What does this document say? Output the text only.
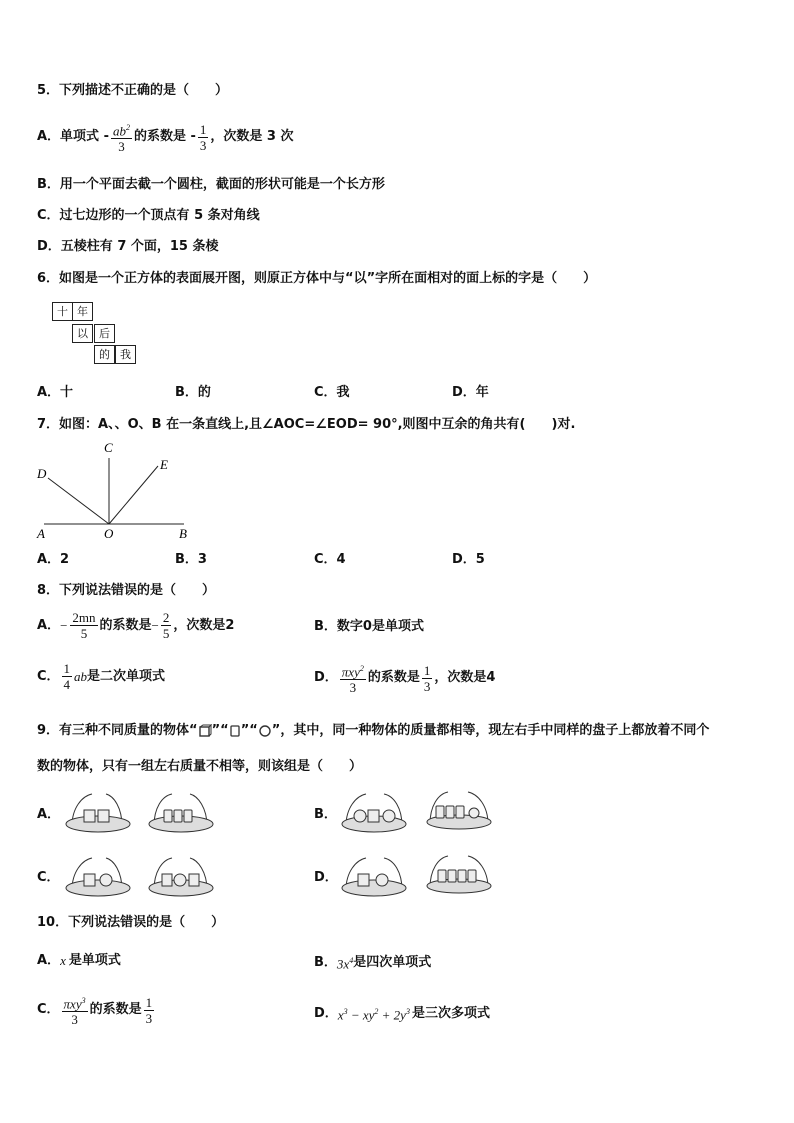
5．下列描述不正确的是（　　）
A．单项式 - $\frac{ab^2}{3}$ 的系数是 - $\frac{1}{3}$ ，次数是 3 次
B．用一个平面去截一个圆柱，截面的形状可能是一个长方形
C．过七边形的一个顶点有 5 条对角线
D．五棱柱有 7 个面，15 条棱
6．如图是一个正方体的表面展开图，则原正方体中与“以”字所在面相对的面上标的字是（　　）
十 年
以	后
的 我
A．十	B．的	C．我	D．年
7．如图：A、、O、B 在一条直线上,且∠AOC=∠EOD= 90°,则图中互余的角共有(　　)对.
C
E
D
A	O	B
A．2	B．3	C．4	D．5
8．下列说法错误的是（　　）
A． − $\frac{2mn}{5}$ 的系数是 − $\frac{2}{5}$ ，次数是2	B．数字0是单项式
C． $\frac{1}{4}$ ab 是二次单项式	D． $\frac{\pi xy^2}{3}$ 的系数是 $\frac{1}{3}$ ，次数是4
9．有三种不同质量的物体“ ”“ ”“ ”，其中，同一种物体的质量都相等，现左右手中同样的盘子上都放着不同个
数的物体，只有一组左右质量不相等，则该组是（　　）
A．	B．
C．	D．
10．下列说法错误的是（　　）
A． x 是单项式	B． $3x^4$ 是四次单项式
C． $\frac{\pi xy^3}{3}$ 的系数是 $\frac{1}{3}$	D． $x^3 - xy^2 + 2y^3$ 是三次多项式
